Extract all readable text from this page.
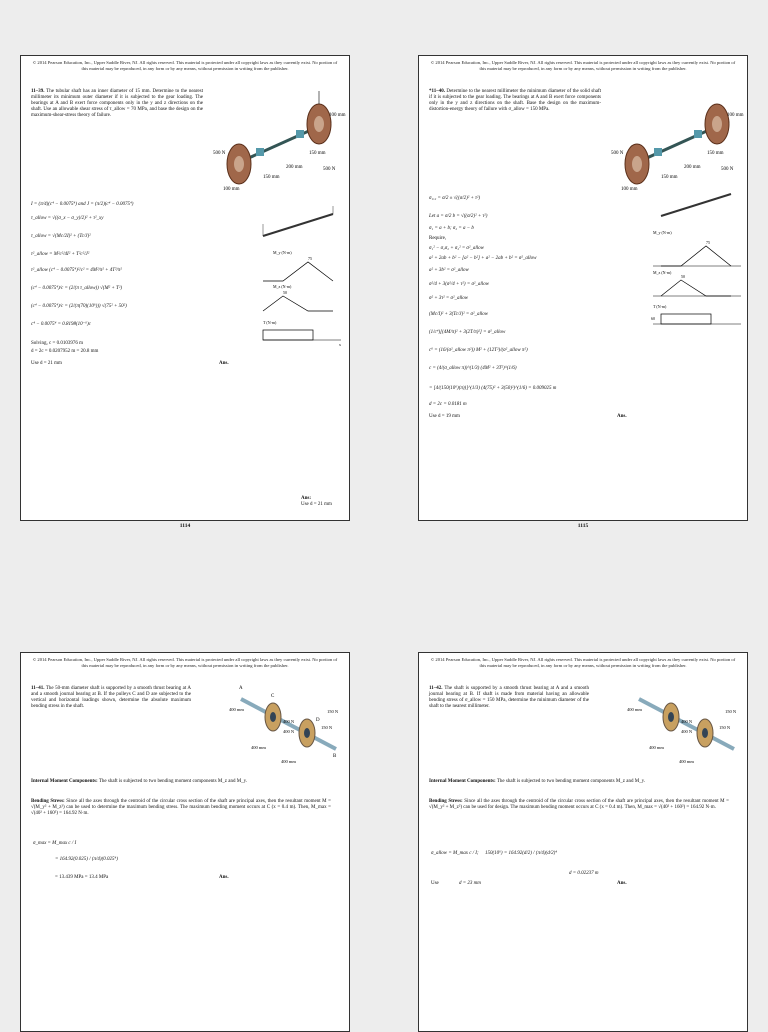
© 2014 Pearson Education, Inc., Upper Saddle River, NJ. All rights reserved. This material is protected under all copyright laws as they currently exist. No portion of this material may be reproduced, in any form or by any means, without permission in writing from the publisher.
11–39. The tubular shaft has an inner diameter of 15 mm. Determine to the nearest millimeter its minimum outer diameter if it is subjected to the gear loading. The bearings at A and B exert force components only in the y and z directions on the shaft. Use an allowable shear stress of τ_allow = 70 MPa, and base the design on the maximum-shear-stress theory of failure.
500 N
150 mm
200 mm
150 mm
500 N
100 mm
100 mm
I = (π/4)(c⁴ − 0.0075⁴) and J = (π/2)(c⁴ − 0.0075⁴)
τ_allow = √((σ_x − σ_y)/2)² + τ²_xy
τ_allow = √(Mc/2I)² + (Tc/J)²
τ²_allow = M²c²/4I² + T²c²/J²
τ²_allow (c⁴ − 0.0075⁴)²/c² = 4M²/π² + 4T²/π²
(c⁴ − 0.0075⁴)/c = (2/(π τ_allow)) √(M² + T²)
(c⁴ − 0.0075⁴)/c = (2/(π(70)(10⁶))) √(75² + 50²)
c⁴ − 0.0075⁴ = 0.8198(10⁻⁶)c
Solving, c = 0.0103976 m
d = 2c = 0.0207952 m = 20.8 mm
Use d = 21 mm	Ans.
M_y (N·m)
75
M_z (N·m)
50
T (N·m)
x
Ans:
Use d = 21 mm
1114
© 2014 Pearson Education, Inc., Upper Saddle River, NJ. All rights reserved. This material is protected under all copyright laws as they currently exist. No portion of this material may be reproduced, in any form or by any means, without permission in writing from the publisher.
*11–40. Determine to the nearest millimeter the minimum diameter of the solid shaft if it is subjected to the gear loading. The bearings at A and B exert force components only in the y and z directions on the shaft. Base the design on the maximum-distortion-energy theory of failure with σ_allow = 150 MPa.
500 N
150 mm
200 mm
150 mm
500 N
100 mm
100 mm
σ₁,₂ = σ/2 ± √((σ/2)² + τ²)
Let a = σ/2 b = √((σ/2)² + τ²)
σ₁ = a + b; σ₂ = a − b
Require,
σ₁² − σ₁σ₂ + σ₂² = σ²_allow
a² + 2ab + b² − [a² − b²] + a² − 2ab + b² = σ²_allow
a² + 3b² = σ²_allow
σ²/4 + 3(σ²/4 + τ²) = σ²_allow
σ² + 3τ² = σ²_allow
(Mc/I)² + 3(Tc/J)² = σ²_allow
(1/c⁴)[(4M/π)² + 3(2T/π)²] = σ²_allow
c⁶ = (16/(σ²_allow π²)) M² + (12T²)/(σ²_allow π²)
c = (4/(σ_allow π))^(1/3) (4M² + 3T²)^(1/6)
= [4/(150(10⁶)(π))]^(1/3) (4(75)² + 3(50)²)^(1/6) = 0.009025 m
d = 2c = 0.0181 m
Use d = 19 mm	Ans.
M_y (N·m)
75
M_z (N·m)
50
T (N·m)
60
1115
© 2014 Pearson Education, Inc., Upper Saddle River, NJ. All rights reserved. This material is protected under all copyright laws as they currently exist. No portion of this material may be reproduced, in any form or by any means, without permission in writing from the publisher.
11–41. The 50-mm diameter shaft is supported by a smooth thrust bearing at A and a smooth journal bearing at B. If the pulleys C and D are subjected to the vertical and horizontal loadings shown, determine the absolute maximum bending stress in the shaft.
A
C
D
B
150 N
150 N
400 N
400 N
400 mm
400 mm
400 mm
Internal Moment Components: The shaft is subjected to two bending moment components M_z and M_y.
Bending Stress: Since all the axes through the centroid of the circular cross section of the shaft are principal axes, then the resultant moment M = √(M_y² + M_z²) can be used to determine the maximum bending stress. The maximum bending moment occurs at C (x = 0.4 m). Then, M_max = √(40² + 160²) = 164.92 N·m.
σ_max = M_max c / I
= 164.92(0.025) / (π/4)(0.025⁴)
= 13.439 MPa = 13.4 MPa	Ans.
© 2014 Pearson Education, Inc., Upper Saddle River, NJ. All rights reserved. This material is protected under all copyright laws as they currently exist. No portion of this material may be reproduced, in any form or by any means, without permission in writing from the publisher.
11–42. The shaft is supported by a smooth thrust bearing at A and a smooth journal bearing at B. If shaft is made from material having an allowable bending stress of σ_allow = 150 MPa, determine the minimum diameter of the shaft to the nearest millimeter.
150 N
150 N
400 N
400 N
400 mm
400 mm
400 mm
Internal Moment Components: The shaft is subjected to two bending moment components M_z and M_y.
Bending Stress: Since all the axes through the centroid of the circular cross section of the shaft are principal axes, then the resultant moment M = √(M_y² + M_z²) can be used for design. The maximum bending moment occurs at C (x = 0.4 m). Then, M_max = √(40² + 160²) = 164.92 N·m.
σ_allow = M_max c / I; 150(10⁶) = 164.92(d/2) / (π/4)(d/2)⁴
d = 0.02237 m
Use	d = 23 mm	Ans.
